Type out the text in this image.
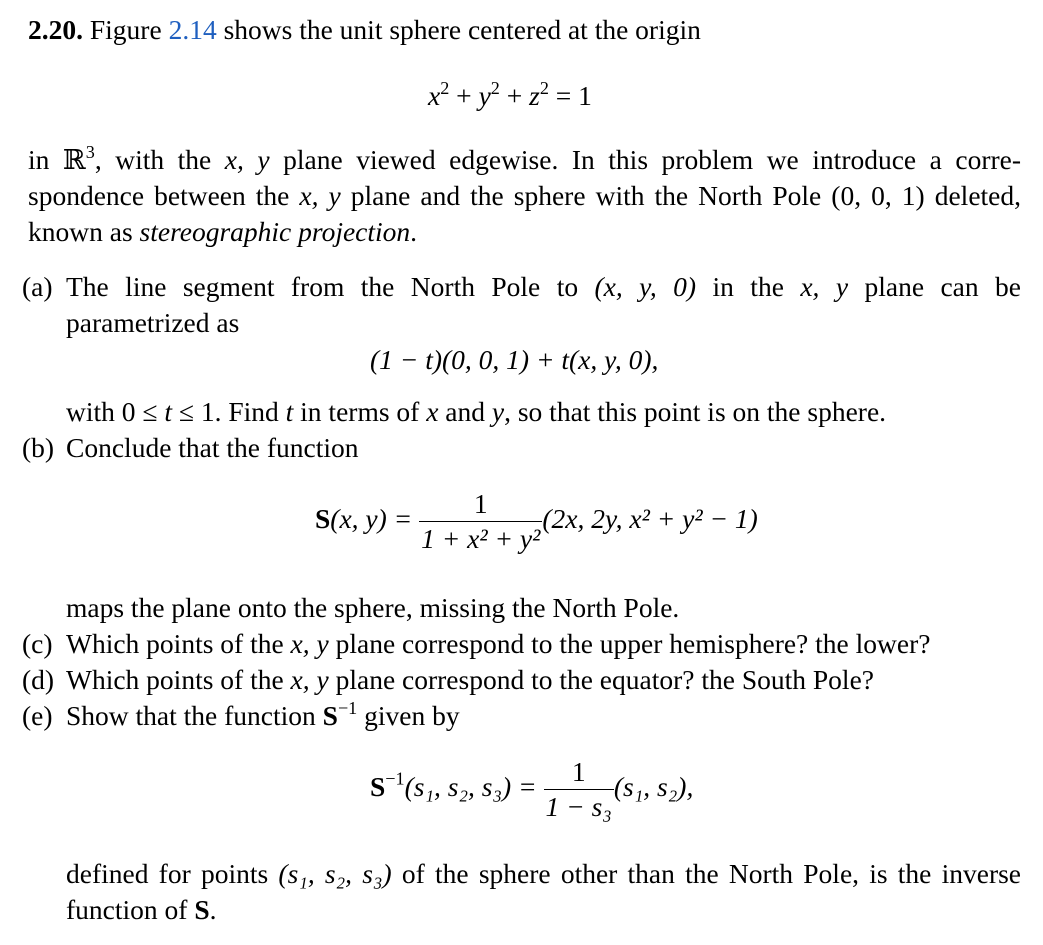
2.20. Figure 2.14 shows the unit sphere centered at the origin
$x^2 + y^2 + z^2 = 1$
in ℝ$^3$, with the x, y plane viewed edgewise. In this problem we introduce a corre-
spondence between the x, y plane and the sphere with the North Pole (0, 0, 1) deleted,
known as stereographic projection.
(a) The line segment from the North Pole to (x, y, 0) in the x, y plane can be
parametrized as
(1 − t)(0, 0, 1) + t(x, y, 0),
with 0 ≤ t ≤ 1. Find t in terms of x and y, so that this point is on the sphere.
(b) Conclude that the function
S(x, $y) = \frac{1}{\text{1 + x² + y²}} (2x$, 2y, x² + y² − 1)
maps the plane onto the sphere, missing the North Pole.
(c) Which points of the x, y plane correspond to the upper hemisphere? the lower?
(d) Which points of the x, y plane correspond to the equator? the South Pole?
(e) Show that the function $S^{-1}$ given by
$S^{-1}(s_1$, s₂, $s_3) = \frac{1}{\text{1 − s₃}} (s_1$, s₂),
defined for points (s₁, s₂, s₃) of the sphere other than the North Pole, is the inverse
function of S.
